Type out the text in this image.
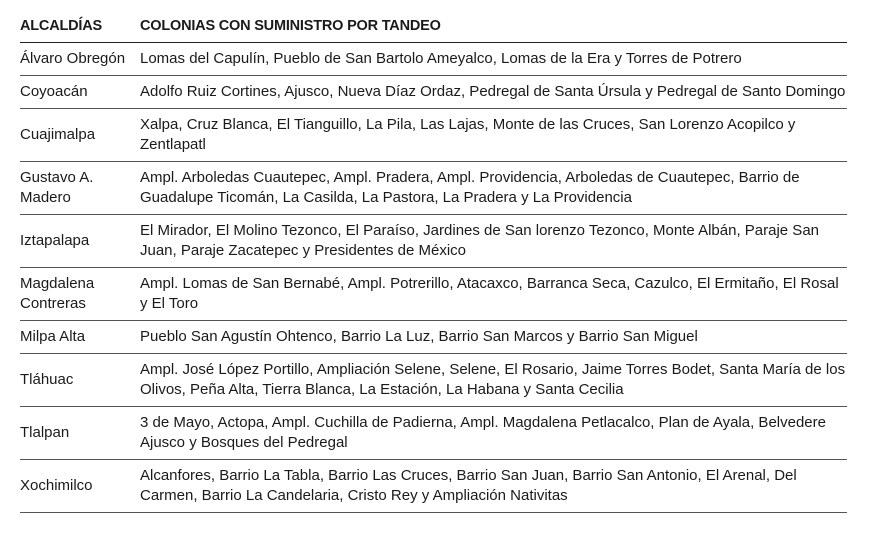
ALCALDÍAS	COLONIAS CON SUMINISTRO POR TANDEO
Álvaro Obregón	Lomas del Capulín, Pueblo de San Bartolo Ameyalco, Lomas de la Era y Torres de Potrero
Coyoacán	Adolfo Ruiz Cortines, Ajusco, Nueva Díaz Ordaz, Pedregal de Santa Úrsula y Pedregal de Santo Domingo
Cuajimalpa	Xalpa, Cruz Blanca, El Tianguillo, La Pila, Las Lajas, Monte de las Cruces, San Lorenzo Acopilco y Zentlapatl
Gustavo A. Madero	Ampl. Arboledas Cuautepec, Ampl. Pradera, Ampl. Providencia, Arboledas de Cuautepec, Barrio de Guadalupe Ticomán, La Casilda, La Pastora, La Pradera y La Providencia
Iztapalapa	El Mirador, El Molino Tezonco, El Paraíso, Jardines de San lorenzo Tezonco, Monte Albán, Paraje San Juan, Paraje Zacatepec y Presidentes de México
Magdalena Contreras	Ampl. Lomas de San Bernabé, Ampl. Potrerillo, Atacaxco, Barranca Seca, Cazulco, El Ermitaño, El Rosal y El Toro
Milpa Alta	Pueblo San Agustín Ohtenco, Barrio La Luz, Barrio San Marcos y Barrio San Miguel
Tláhuac	Ampl. José López Portillo, Ampliación Selene, Selene, El Rosario, Jaime Torres Bodet, Santa María de los Olivos, Peña Alta, Tierra Blanca, La Estación, La Habana y Santa Cecilia
Tlalpan	3 de Mayo, Actopa, Ampl. Cuchilla de Padierna, Ampl. Magdalena Petlacalco, Plan de Ayala, Belvedere Ajusco y Bosques del Pedregal
Xochimilco	Alcanfores, Barrio La Tabla, Barrio Las Cruces, Barrio San Juan, Barrio San Antonio, El Arenal, Del Carmen, Barrio La Candelaria, Cristo Rey y Ampliación Nativitas
